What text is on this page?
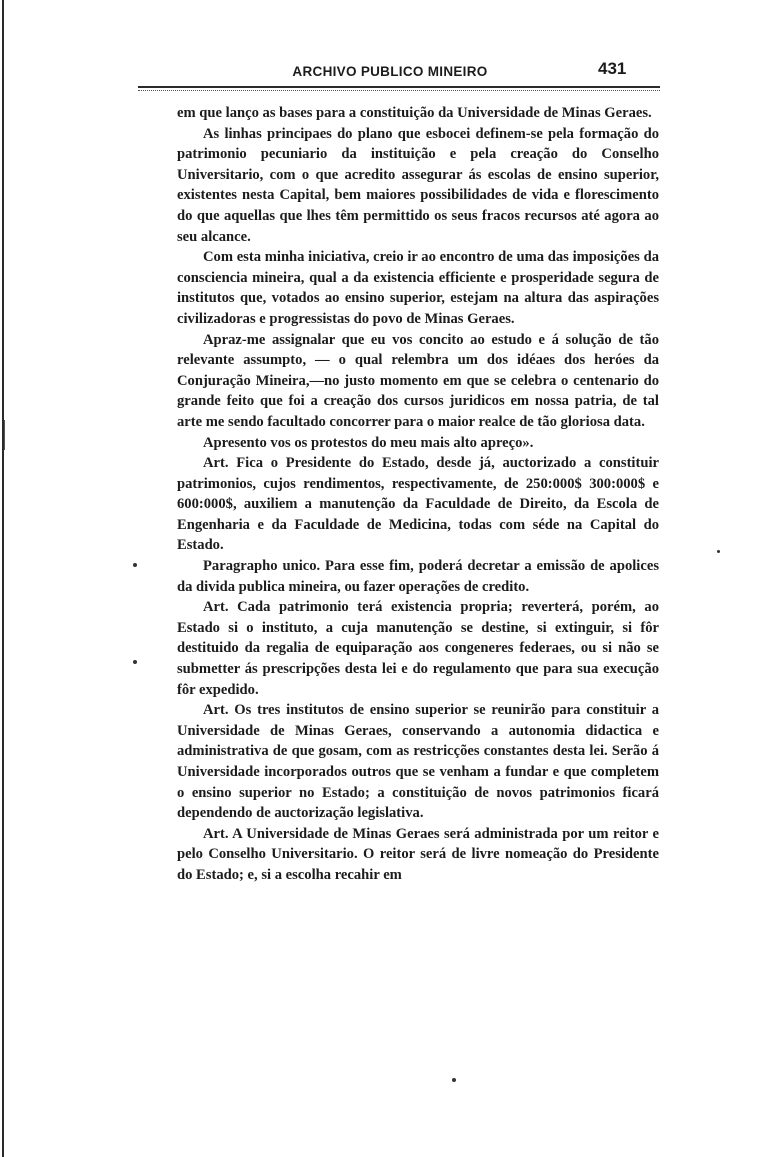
ARCHIVO PUBLICO MINEIRO	431

em que lanço as bases para a constituição da Universidade de Minas Geraes.

As linhas principaes do plano que esbocei definem-se pela formação do patrimonio pecuniario da instituição e pela creação do Conselho Universitario, com o que acredito assegurar ás escolas de ensino superior, existentes nesta Capital, bem maiores possibilidades de vida e florescimento do que aquellas que lhes têm permittido os seus fracos recursos até agora ao seu alcance.

Com esta minha iniciativa, creio ir ao encontro de uma das imposições da consciencia mineira, qual a da existencia efficiente e prosperidade segura de institutos que, votados ao ensino superior, estejam na altura das aspirações civilizadoras e progressistas do povo de Minas Geraes.

Apraz-me assignalar que eu vos concito ao estudo e á solução de tão relevante assumpto, — o qual relembra um dos idéaes dos heróes da Conjuração Mineira,—no justo momento em que se celebra o centenario do grande feito que foi a creação dos cursos juridicos em nossa patria, de tal arte me sendo facultado concorrer para o maior realce de tão gloriosa data.

Apresento vos os protestos do meu mais alto apreço».

Art. Fica o Presidente do Estado, desde já, auctorizado a constituir patrimonios, cujos rendimentos, respectivamente, de 250:000$ 300:000$ e 600:000$, auxiliem a manutenção da Faculdade de Direito, da Escola de Engenharia e da Faculdade de Medicina, todas com séde na Capital do Estado.

Paragrapho unico. Para esse fim, poderá decretar a emissão de apolices da divida publica mineira, ou fazer operações de credito.

Art. Cada patrimonio terá existencia propria; reverterá, porém, ao Estado si o instituto, a cuja manutenção se destine, si extinguir, si fôr destituido da regalia de equiparação aos congeneres federaes, ou si não se submetter ás prescripções desta lei e do regulamento que para sua execução fôr expedido.

Art. Os tres institutos de ensino superior se reunirão para constituir a Universidade de Minas Geraes, conservando a autonomia didactica e administrativa de que gosam, com as restricções constantes desta lei. Serão á Universidade incorporados outros que se venham a fundar e que completem o ensino superior no Estado; a constituição de novos patrimonios ficará dependendo de auctorização legislativa.

Art. A Universidade de Minas Geraes será administrada por um reitor e pelo Conselho Universitario. O reitor será de livre nomeação do Presidente do Estado; e, si a escolha recahir em
